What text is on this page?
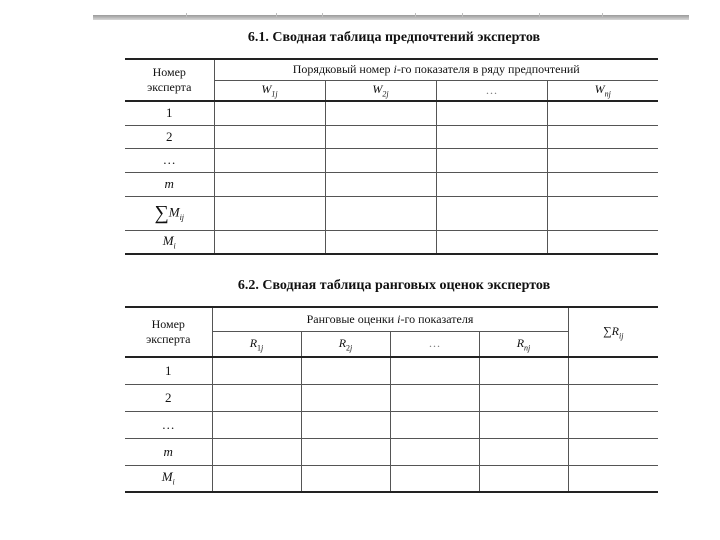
6.1. Сводная таблица предпочтений экспертов
Номер
эксперта	Порядковый номер i-го показателя в ряду предпочтений			
	$W_{1j}$	$W_{2j}$	…	$W_{nj}$
1				
2				
…				
m				
$\sum M_{ij}$				
$M_i$				
6.2. Сводная таблица ранговых оценок экспертов
Номер
эксперта	Ранговые оценки i-го показателя				$\sum R_{ij}$
	$R_{1j}$	$R_{2j}$	…	$R_{nj}$
1					
2					
…					
m					
$M_i$					
